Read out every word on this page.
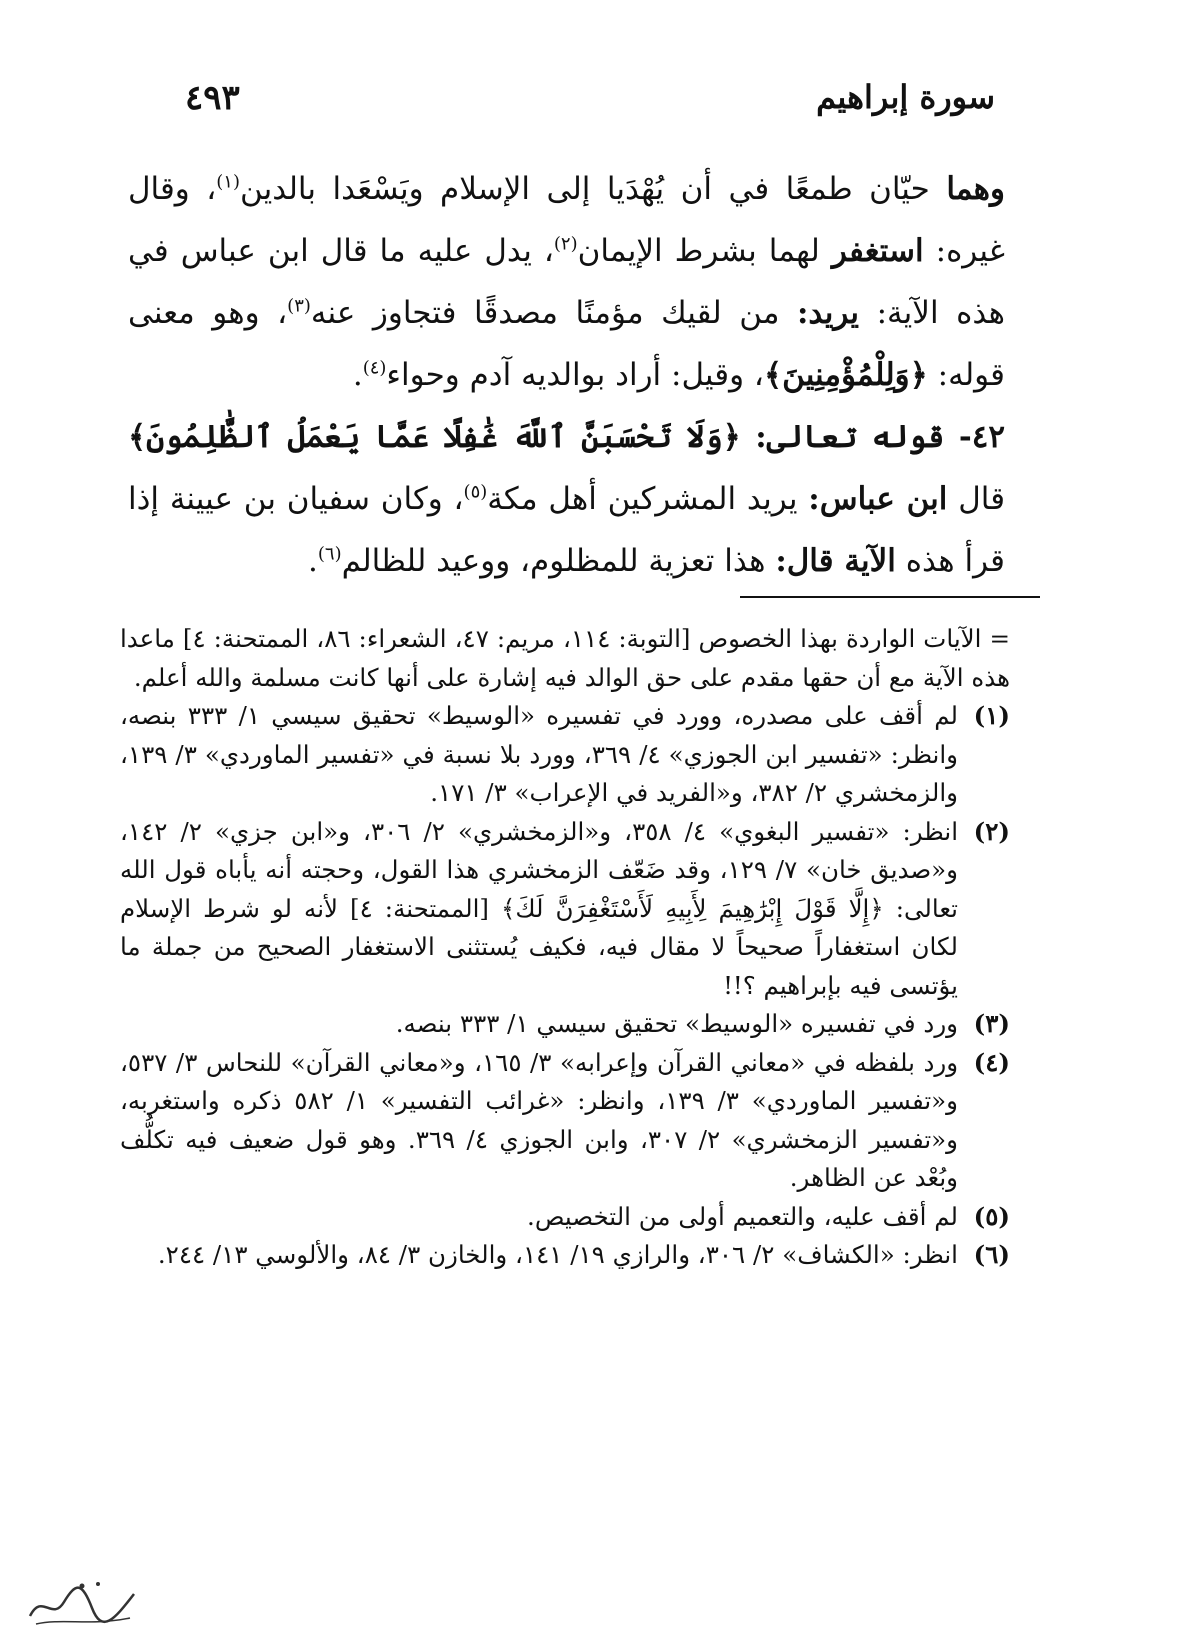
سورة إبراهيم
٤٩٣

وهما حيّان طمعًا في أن يُهْدَيا إلى الإسلام ويَسْعَدا بالدين$^{(١)}$، وقال غيره: استغفر لهما بشرط الإيمان$^{(٢)}$، يدل عليه ما قال ابن عباس في هذه الآية: يريد: من لقيك مؤمنًا مصدقًا فتجاوز عنه$^{(٣)}$، وهو معنى قوله: ﴿وَلِلْمُؤْمِنِينَ﴾، وقيل: أراد بوالديه آدم وحواء$^{(٤)}$.

٤٢- قوله تعالى: ﴿وَلَا تَحْسَبَنَّ ٱللَّهَ غَٰفِلًا عَمَّا يَعْمَلُ ٱلظَّٰلِمُونَ﴾ قال ابن عباس: يريد المشركين أهل مكة$^{(٥)}$، وكان سفيان بن عيينة إذا قرأ هذه الآية قال: هذا تعزية للمظلوم، ووعيد للظالم$^{(٦)}$.

= الآيات الواردة بهذا الخصوص [التوبة: ١١٤، مريم: ٤٧، الشعراء: ٨٦، الممتحنة: ٤] ماعدا هذه الآية مع أن حقها مقدم على حق الوالد فيه إشارة على أنها كانت مسلمة والله أعلم.

(١)
لم أقف على مصدره، وورد في تفسيره «الوسيط» تحقيق سيسي ١/ ٣٣٣ بنصه، وانظر: «تفسير ابن الجوزي» ٤/ ٣٦٩، وورد بلا نسبة في «تفسير الماوردي» ٣/ ١٣٩، والزمخشري ٢/ ٣٨٢، و«الفريد في الإعراب» ٣/ ١٧١.
(٢)
انظر: «تفسير البغوي» ٤/ ٣٥٨، و«الزمخشري» ٢/ ٣٠٦، و«ابن جزي» ٢/ ١٤٢، و«صديق خان» ٧/ ١٢٩، وقد ضَعّف الزمخشري هذا القول، وحجته أنه يأباه قول الله تعالى: ﴿إِلَّا قَوْلَ إِبْرَٰهِيمَ لِأَبِيهِ لَأَسْتَغْفِرَنَّ لَكَ﴾ [الممتحنة: ٤] لأنه لو شرط الإسلام لكان استغفاراً صحيحاً لا مقال فيه، فكيف يُستثنى الاستغفار الصحيح من جملة ما يؤتسى فيه بإبراهيم ؟!!
(٣)
ورد في تفسيره «الوسيط» تحقيق سيسي ١/ ٣٣٣ بنصه.
(٤)
ورد بلفظه في «معاني القرآن وإعرابه» ٣/ ١٦٥، و«معاني القرآن» للنحاس ٣/ ٥٣٧، و«تفسير الماوردي» ٣/ ١٣٩، وانظر: «غرائب التفسير» ١/ ٥٨٢ ذكره واستغربه، و«تفسير الزمخشري» ٢/ ٣٠٧، وابن الجوزي ٤/ ٣٦٩. وهو قول ضعيف فيه تكلُّف وبُعْد عن الظاهر.
(٥)
لم أقف عليه، والتعميم أولى من التخصيص.
(٦)
انظر: «الكشاف» ٢/ ٣٠٦، والرازي ١٩/ ١٤١، والخازن ٣/ ٨٤، والألوسي ١٣/ ٢٤٤.
